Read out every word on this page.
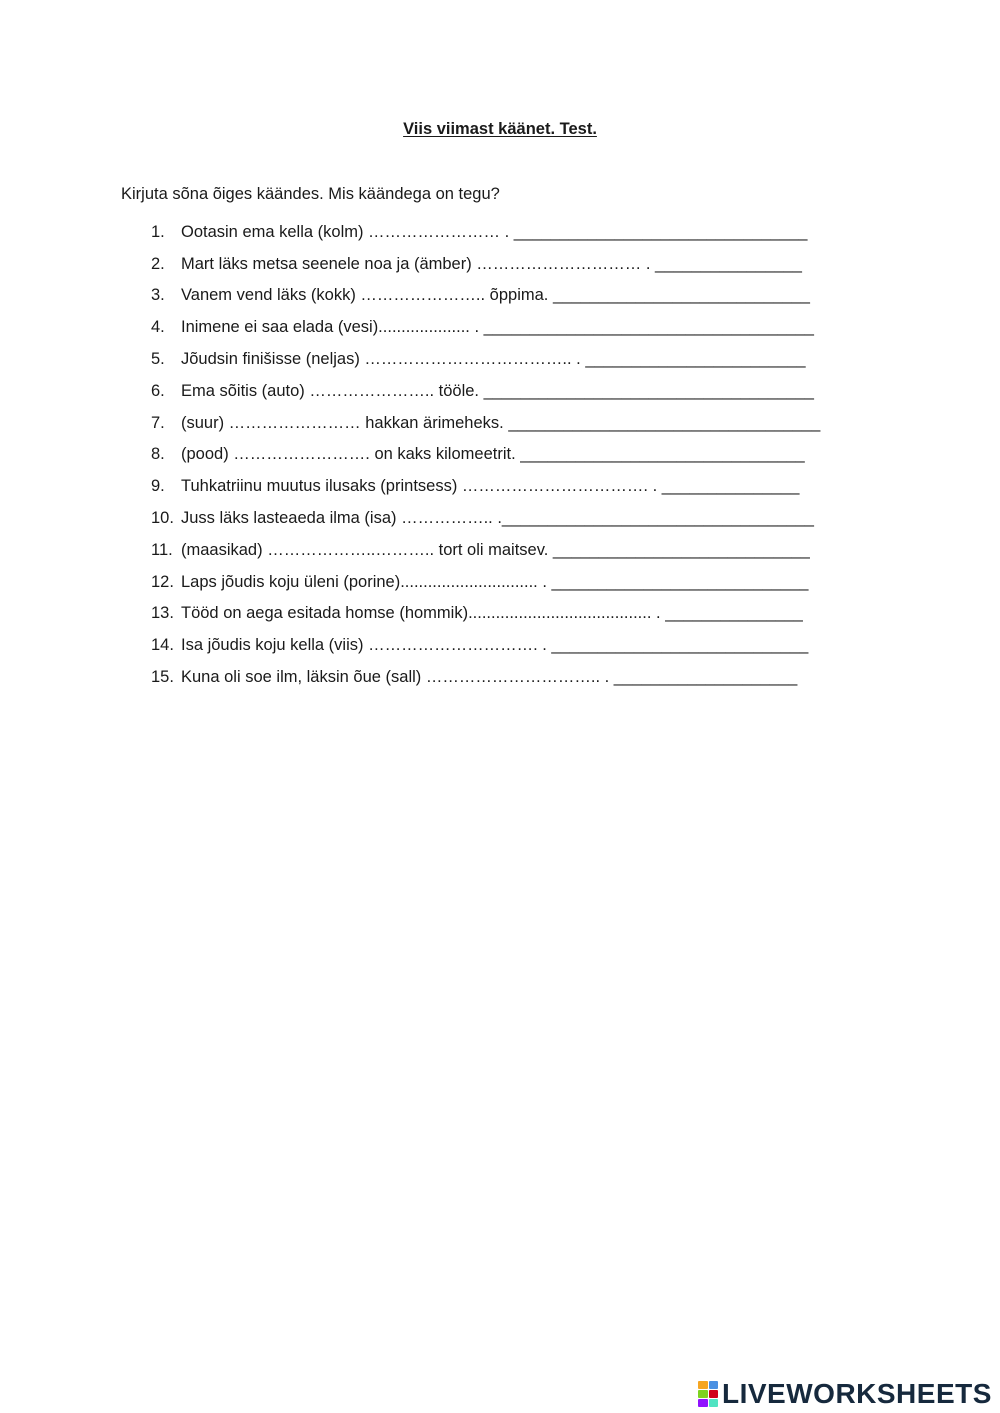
Viis viimast käänet. Test.
Kirjuta sõna õiges käändes. Mis käändega on tegu?
1. Ootasin ema kella (kolm) …………………… . ________________________________
2. Mart läks metsa seenele noa ja (ämber) ………………………… . ________________
3. Vanem vend läks (kokk) ………………….. õppima. ____________________________
4. Inimene ei saa elada (vesi).................... . ____________________________________
5. Jõudsin finišisse (neljas) ……………………………….. . ________________________
6. Ema sõitis (auto) ………………….. tööle. ____________________________________
7. (suur) …………………… hakkan ärimeheks. __________________________________
8. (pood) ……………………. on kaks kilomeetrit. _______________________________
9. Tuhkatriinu muutus ilusaks (printsess) ……………………………. . _______________
10. Juss läks lasteaeda ilma (isa) …………….. .__________________________________
11. (maasikad) ………………..……….. tort oli maitsev. ____________________________
12. Laps jõudis koju üleni (porine).............................. . ____________________________
13. Tööd on aega esitada homse (hommik)........................................ . _______________
14. Isa jõudis koju kella (viis) …………………………. . ____________________________
15. Kuna oli soe ilm, läksin õue (sall) ………………………….. . ____________________
LIVEWORKSHEETS
